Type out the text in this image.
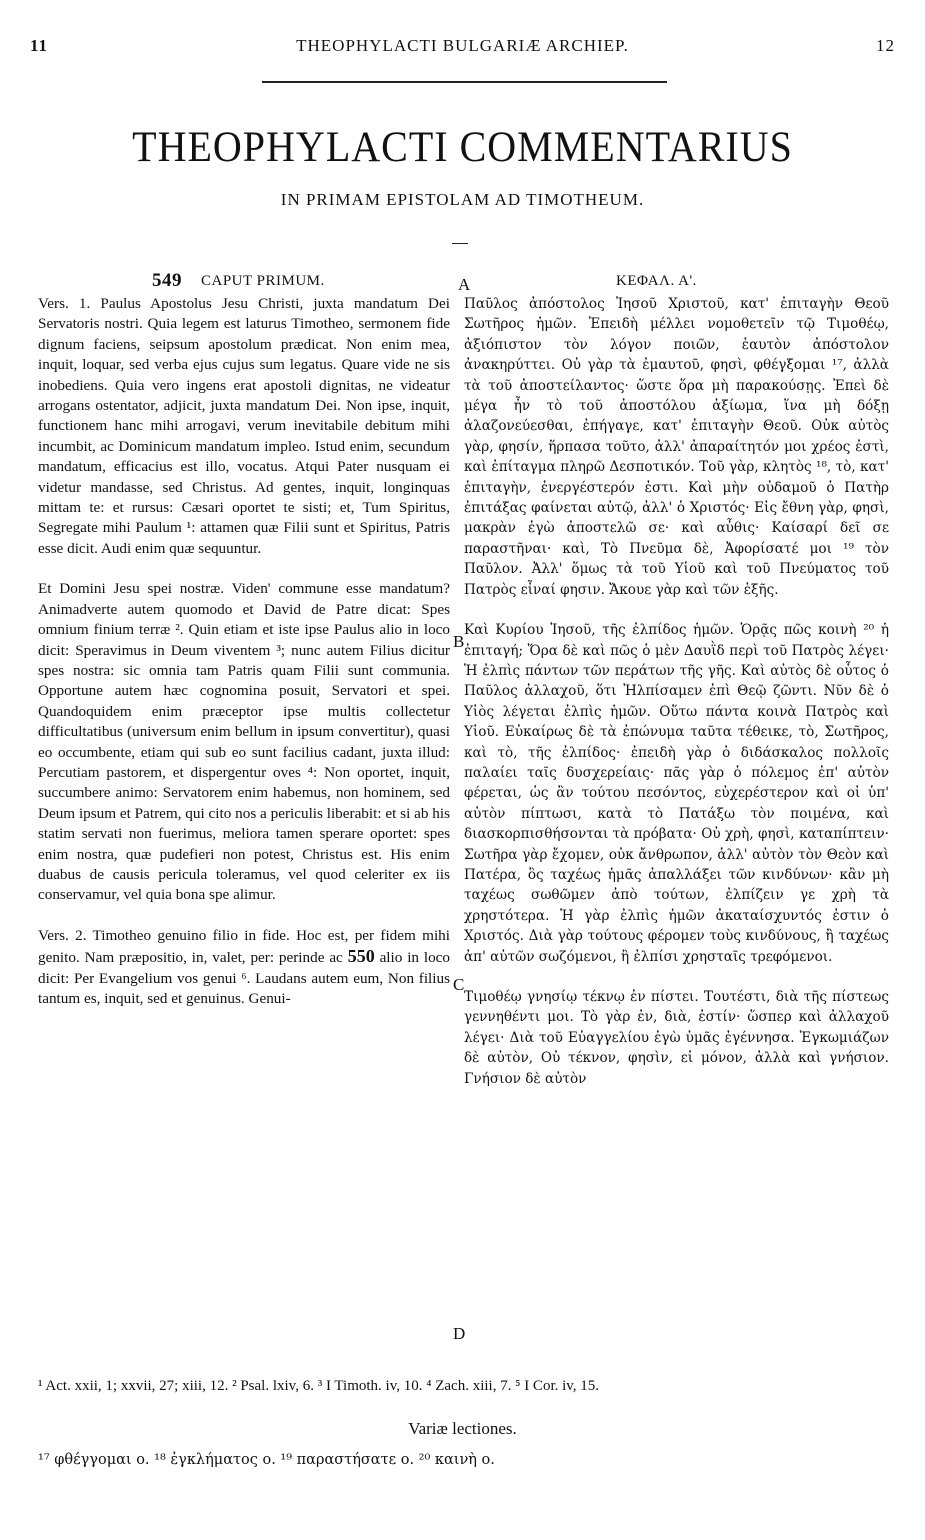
11	THEOPHYLACTI BULGARIÆ ARCHIEP.	12
THEOPHYLACTI COMMENTARIUS
IN PRIMAM EPISTOLAM AD TIMOTHEUM.
549 CAPUT PRIMUM.

Vers. 1. Paulus Apostolus Jesu Christi, juxta mandatum Dei Servatoris nostri. Quia legem est laturus Timotheo, sermonem fide dignum faciens, seipsum apostolum prædicat. Non enim mea, inquit, loquar, sed verba ejus cujus sum legatus. Quare vide ne sis inobediens. Quia vero ingens erat apostoli dignitas, ne videatur arrogans ostentator, adjicit, juxta mandatum Dei. Non ipse, inquit, functionem hanc mihi arrogavi, verum inevitabile debitum mihi incumbit, ac Dominicum mandatum impleo. Istud enim, secundum mandatum, efficacius est illo, vocatus. Atqui Pater nusquam ei videtur mandasse, sed Christus. Ad gentes, inquit, longinquas mittam te: et rursus: Cæsari oportet te sisti; et, Tum Spiritus, Segregate mihi Paulum ¹: attamen quæ Filii sunt et Spiritus, Patris esse dicit. Audi enim quæ sequuntur.

Et Domini Jesu spei nostræ. Viden' commune esse mandatum? Animadverte autem quomodo et David de Patre dicat: Spes omnium finium terræ ². Quin etiam et iste ipse Paulus alio in loco dicit: Speravimus in Deum viventem ³; nunc autem Filius dicitur spes nostra: sic omnia tam Patris quam Filii sunt communia. Opportune autem hæc cognomina posuit, Servatori et spei. Quandoquidem enim præceptor ipse multis collectetur difficultatibus (universum enim bellum in ipsum convertitur), quasi eo occumbente, etiam qui sub eo sunt facilius cadant, juxta illud: Percutiam pastorem, et dispergentur oves ⁴: Non oportet, inquit, succumbere animo: Servatorem enim habemus, non hominem, sed Deum ipsum et Patrem, qui cito nos a periculis liberabit: et si ab his statim servati non fuerimus, meliora tamen sperare oportet: spes enim nostra, quæ pudefieri non potest, Christus est. His enim duabus de causis pericula toleramus, vel quod celeriter ex iis conservamur, vel quia bona spe alimur.

Vers. 2. Timotheo genuino filio in fide. Hoc est, per fidem mihi genito. Nam præpositio, in, valet, per: perinde ac 550 alio in loco dicit: Per Evangelium vos genui ⁶. Laudans autem eum, Non filius tantum es, inquit, sed et genuinus. Genui-

ΚΕΦΑΛ. Α'.

Παῦλος ἀπόστολος Ἰησοῦ Χριστοῦ, κατ' ἐπιταγὴν Θεοῦ Σωτῆρος ἡμῶν. Ἐπειδὴ μέλλει νομοθετεῖν τῷ Τιμοθέῳ, ἀξιόπιστον τὸν λόγον ποιῶν, ἑαυτὸν ἀπόστολον ἀνακηρύττει. Οὐ γὰρ τὰ ἐμαυτοῦ, φησὶ, φθέγξομαι ¹⁷, ἀλλὰ τὰ τοῦ ἀποστείλαντος· ὥστε ὅρα μὴ παρακούσῃς. Ἐπεὶ δὲ μέγα ἦν τὸ τοῦ ἀποστόλου ἀξίωμα, ἵνα μὴ δόξῃ ἀλαζονεύεσθαι, ἐπήγαγε, κατ' ἐπιταγὴν Θεοῦ. Οὐκ αὐτὸς γὰρ, φησίν, ἥρπασα τοῦτο, ἀλλ' ἀπαραίτητόν μοι χρέος ἐστὶ, καὶ ἐπίταγμα πληρῶ Δεσποτικόν. Τοῦ γὰρ, κλητὸς ¹⁸, τὸ, κατ' ἐπιταγὴν, ἐνεργέστερόν ἐστι. Καὶ μὴν οὐδαμοῦ ὁ Πατὴρ ἐπιτάξας φαίνεται αὐτῷ, ἀλλ' ὁ Χριστός· Εἰς ἔθνη γὰρ, φησὶ, μακρὰν ἐγὼ ἀποστελῶ σε· καὶ αὖθις· Καίσαρί δεῖ σε παραστῆναι· καὶ, Τὸ Πνεῦμα δὲ, Ἀφορίσατέ μοι ¹⁹ τὸν Παῦλον. Ἀλλ' ὅμως τὰ τοῦ Υἱοῦ καὶ τοῦ Πνεύματος τοῦ Πατρὸς εἶναί φησιν. Ἄκουε γὰρ καὶ τῶν ἑξῆς.

Καὶ Κυρίου Ἰησοῦ, τῆς ἐλπίδος ἡμῶν. Ὁρᾷς πῶς κοινὴ ²⁰ ἡ ἐπιταγή; Ὅρα δὲ καὶ πῶς ὁ μὲν Δαυῒδ περὶ τοῦ Πατρὸς λέγει· Ἡ ἐλπὶς πάντων τῶν περάτων τῆς γῆς. Καὶ αὐτὸς δὲ οὗτος ὁ Παῦλος ἀλλαχοῦ, ὅτι Ἠλπίσαμεν ἐπὶ Θεῷ ζῶντι. Νῦν δὲ ὁ Υἱὸς λέγεται ἐλπὶς ἡμῶν. Οὕτω πάντα κοινὰ Πατρὸς καὶ Υἱοῦ. Εὐκαίρως δὲ τὰ ἐπώνυμα ταῦτα τέθεικε, τὸ, Σωτῆρος, καὶ τὸ, τῆς ἐλπίδος· ἐπειδὴ γὰρ ὁ διδάσκαλος πολλοῖς παλαίει ταῖς δυσχερείαις· πᾶς γὰρ ὁ πόλεμος ἐπ' αὐτὸν φέρεται, ὡς ἂν τούτου πεσόντος, εὐχερέστερον καὶ οἱ ὑπ' αὐτὸν πίπτωσι, κατὰ τὸ Πατάξω τὸν ποιμένα, καὶ διασκορπισθήσονται τὰ πρόβατα· Οὐ χρὴ, φησὶ, καταπίπτειν· Σωτῆρα γὰρ ἔχομεν, οὐκ ἄνθρωπον, ἀλλ' αὐτὸν τὸν Θεὸν καὶ Πατέρα, ὃς ταχέως ἡμᾶς ἀπαλλάξει τῶν κινδύνων· κἂν μὴ ταχέως σωθῶμεν ἀπὸ τούτων, ἐλπίζειν γε χρὴ τὰ χρηστότερα. Ἡ γὰρ ἐλπὶς ἡμῶν ἀκαταίσχυντός ἐστιν ὁ Χριστός. Διὰ γὰρ τούτους φέρομεν τοὺς κινδύνους, ἢ ταχέως ἀπ' αὐτῶν σωζόμενοι, ἢ ἐλπίσι χρησταῖς τρεφόμενοι.

Τιμοθέῳ γνησίῳ τέκνῳ ἐν πίστει. Τουτέστι, διὰ τῆς πίστεως γεννηθέντι μοι. Τὸ γὰρ ἐν, διὰ, ἐστίν· ὥσπερ καὶ ἀλλαχοῦ λέγει· Διὰ τοῦ Εὐαγγελίου ἐγὼ ὑμᾶς ἐγέννησα. Ἐγκωμιάζων δὲ αὐτὸν, Οὐ τέκνον, φησὶν, εἰ μόνον, ἀλλὰ καὶ γνήσιον. Γνήσιον δὲ αὐτὸν

A
B
C
D
¹ Act. xxii, 1; xxvii, 27; xiii, 12. ² Psal. lxiv, 6. ³ I Timoth. iv, 10. ⁴ Zach. xiii, 7. ⁵ I Cor. iv, 15.
Variæ lectiones.
¹⁷ φθέγγομαι ο. ¹⁸ ἐγκλήματος ο. ¹⁹ παραστήσατε ο. ²⁰ καινὴ ο.
